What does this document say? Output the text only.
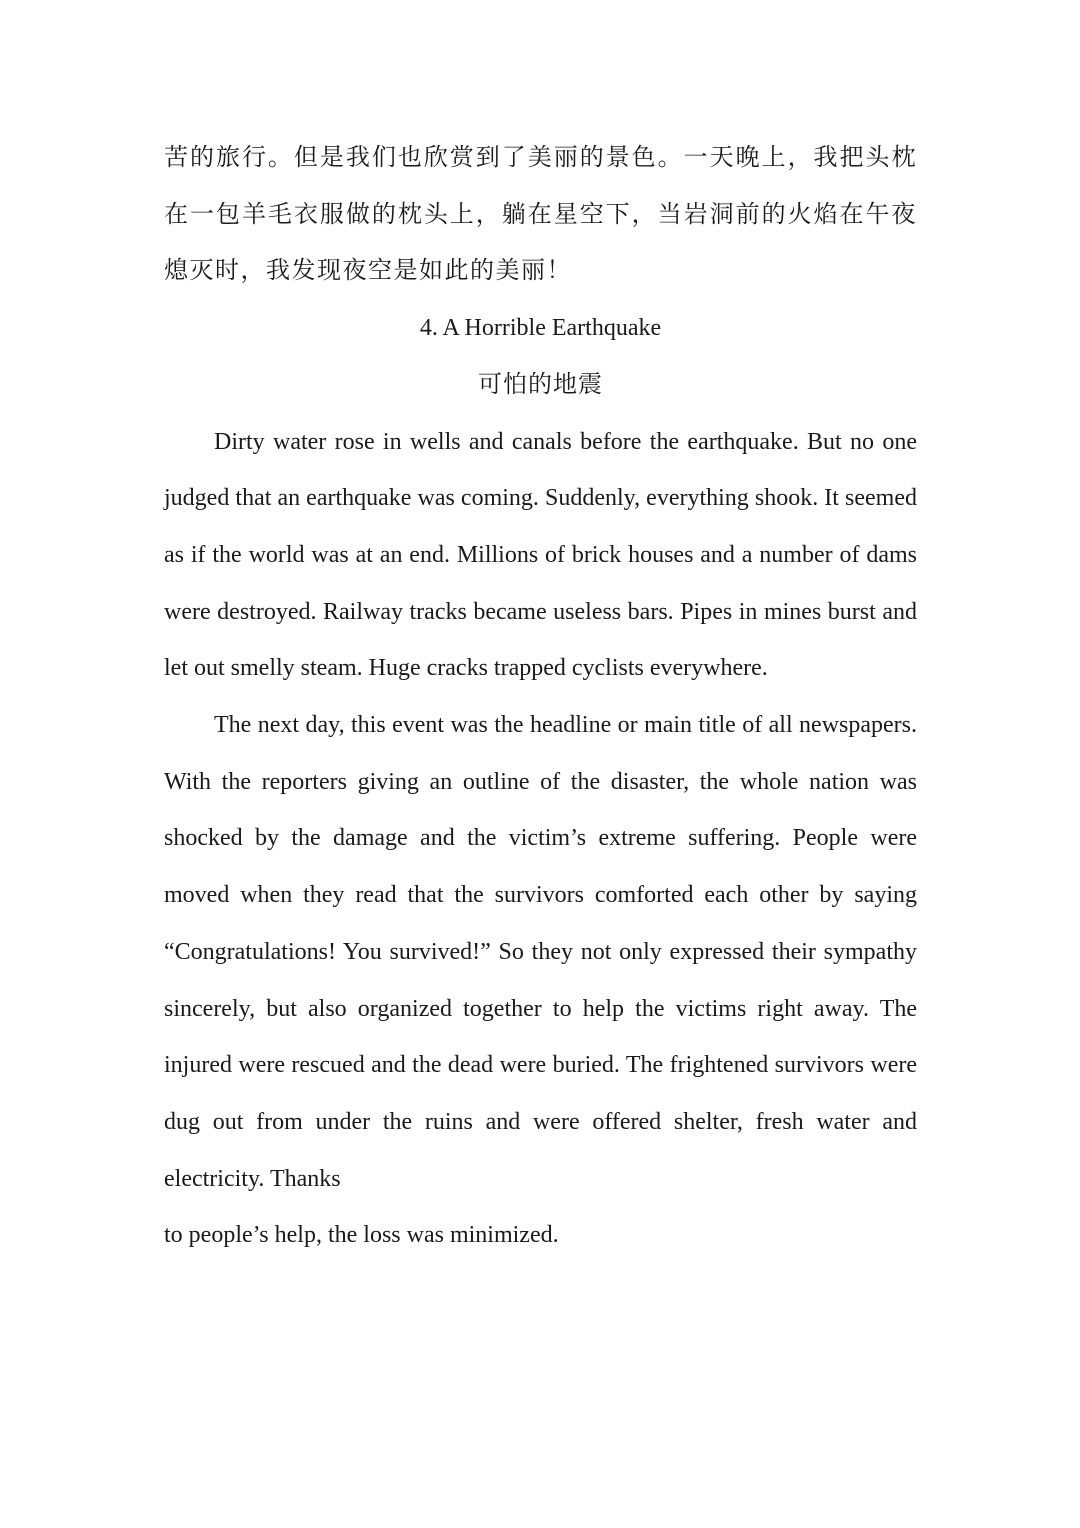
苦的旅行。但是我们也欣赏到了美丽的景色。一天晚上，我把头枕在一包羊毛衣服做的枕头上，躺在星空下，当岩洞前的火焰在午夜熄灭时，我发现夜空是如此的美丽！

4. A Horrible Earthquake

可怕的地震

Dirty water rose in wells and canals before the earthquake. But no one judged that an earthquake was coming. Suddenly, everything shook. It seemed as if the world was at an end. Millions of brick houses and a number of dams were destroyed. Railway tracks became useless bars. Pipes in mines burst and let out smelly steam. Huge cracks trapped cyclists everywhere.

The next day, this event was the headline or main title of all newspapers. With the reporters giving an outline of the disaster, the whole nation was shocked by the damage and the victim’s extreme suffering. People were moved when they read that the survivors comforted each other by saying “Congratulations! You survived!” So they not only expressed their sympathy sincerely, but also organized together to help the victims right away. The injured were rescued and the dead were buried. The frightened survivors were dug out from under the ruins and were offered shelter, fresh water and electricity. Thanks

to people’s help, the loss was minimized.
